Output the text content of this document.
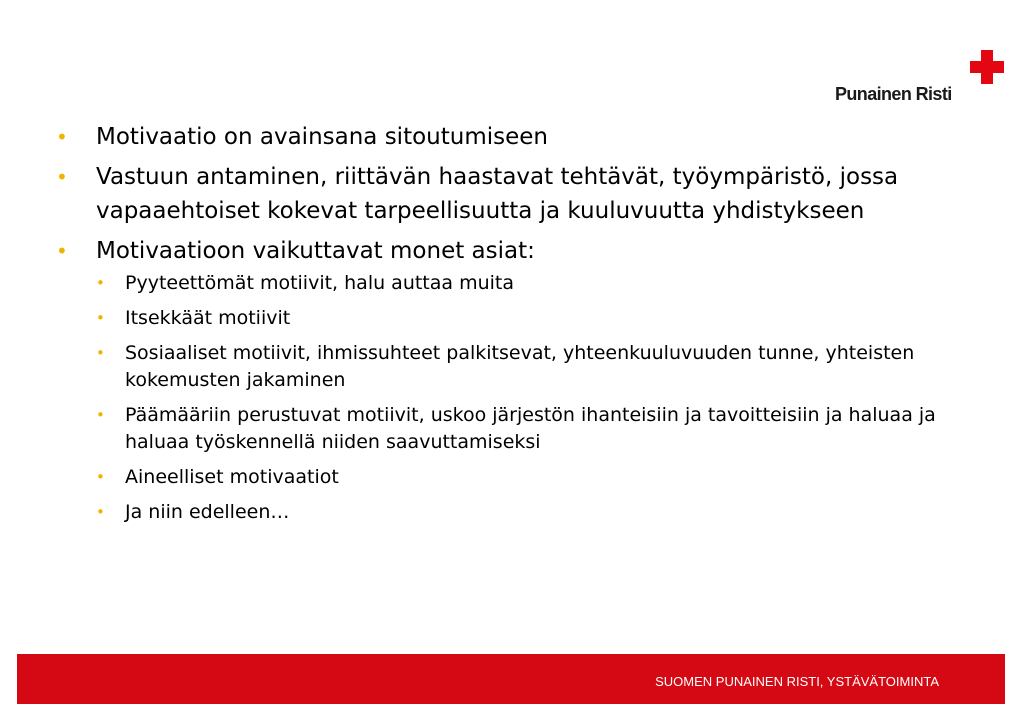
Punainen Risti
• Motivaatio on avainsana sitoutumiseen
• Vastuun antaminen, riittävän haastavat tehtävät, työympäristö, jossa vapaaehtoiset kokevat tarpeellisuutta ja kuuluvuutta yhdistykseen
• Motivaatioon vaikuttavat monet asiat:
• Pyyteettömät motiivit, halu auttaa muita
• Itsekkäät motiivit
• Sosiaaliset motiivit, ihmissuhteet palkitsevat, yhteenkuuluvuuden tunne, yhteisten kokemusten jakaminen
• Päämääriin perustuvat motiivit, uskoo järjestön ihanteisiin ja tavoitteisiin ja haluaa ja haluaa työskennellä niiden saavuttamiseksi
• Aineelliset motivaatiot
• Ja niin edelleen…
SUOMEN PUNAINEN RISTI, YSTÄVÄTOIMINTA
